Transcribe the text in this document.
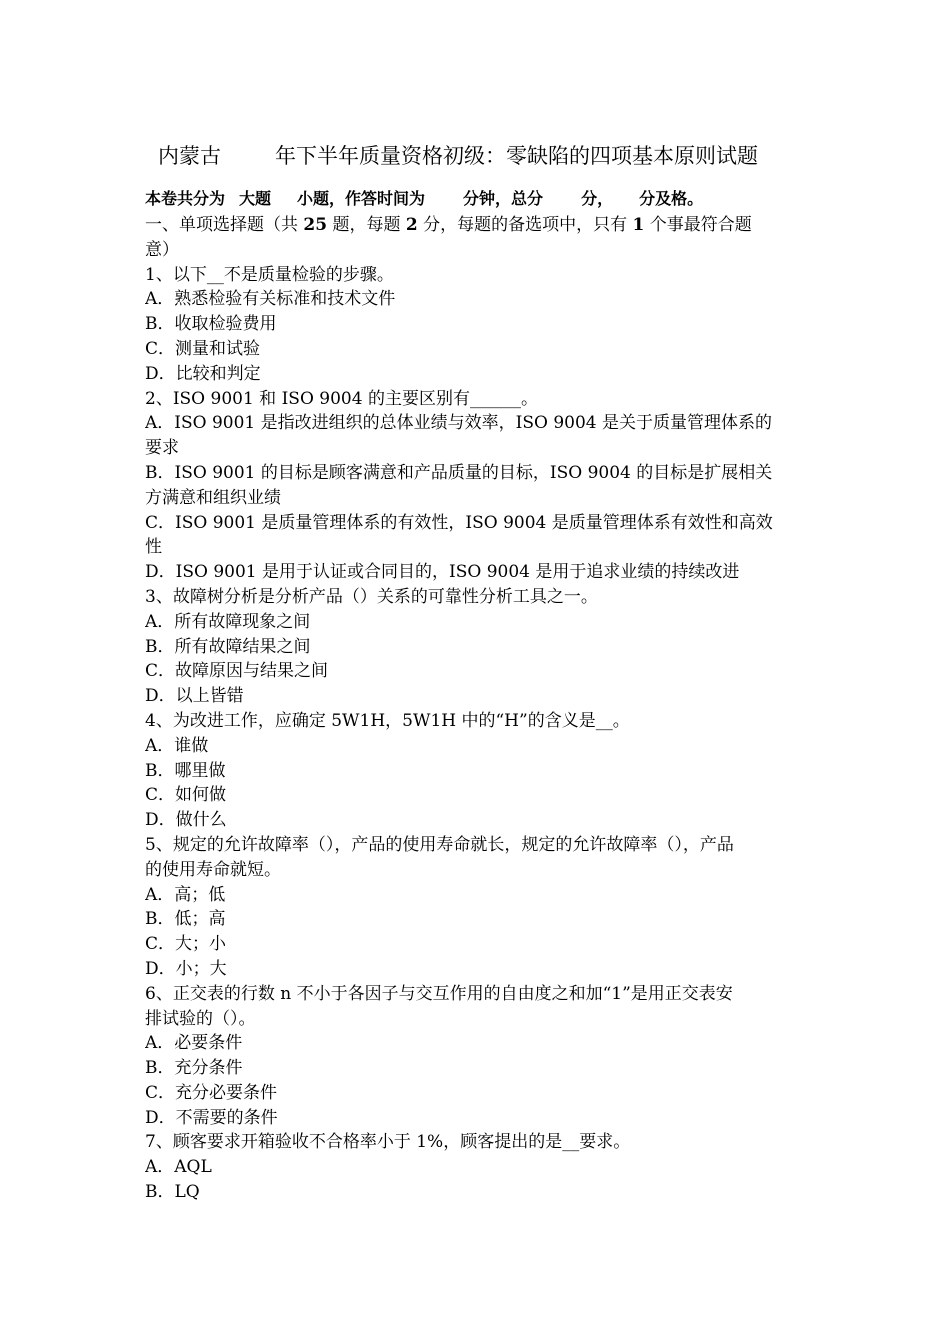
内蒙古	年下半年质量资格初级：零缺陷的四项基本原则试题
本卷共分为 大题 小题，作答时间为 分钟，总分 分， 分及格。
一、单项选择题（共 25 题，每题 2 分，每题的备选项中，只有 1 个事最符合题
意）
1、以下__不是质量检验的步骤。
A．熟悉检验有关标准和技术文件
B．收取检验费用
C．测量和试验
D．比较和判定
2、ISO 9001 和 ISO 9004 的主要区别有______。
A．ISO 9001 是指改进组织的总体业绩与效率，ISO 9004 是关于质量管理体系的
要求
B．ISO 9001 的目标是顾客满意和产品质量的目标，ISO 9004 的目标是扩展相关
方满意和组织业绩
C．ISO 9001 是质量管理体系的有效性，ISO 9004 是质量管理体系有效性和高效
性
D．ISO 9001 是用于认证或合同目的，ISO 9004 是用于追求业绩的持续改进
3、故障树分析是分析产品（）关系的可靠性分析工具之一。
A．所有故障现象之间
B．所有故障结果之间
C．故障原因与结果之间
D．以上皆错
4、为改进工作，应确定 5W1H，5W1H 中的“H”的含义是__。
A．谁做
B．哪里做
C．如何做
D．做什么
5、规定的允许故障率（），产品的使用寿命就长，规定的允许故障率（），产品
的使用寿命就短。
A．高；低
B．低；高
C．大；小
D．小；大
6、正交表的行数 n 不小于各因子与交互作用的自由度之和加“1”是用正交表安
排试验的（）。
A．必要条件
B．充分条件
C．充分必要条件
D．不需要的条件
7、顾客要求开箱验收不合格率小于 1%，顾客提出的是__要求。
A．AQL
B．LQ
